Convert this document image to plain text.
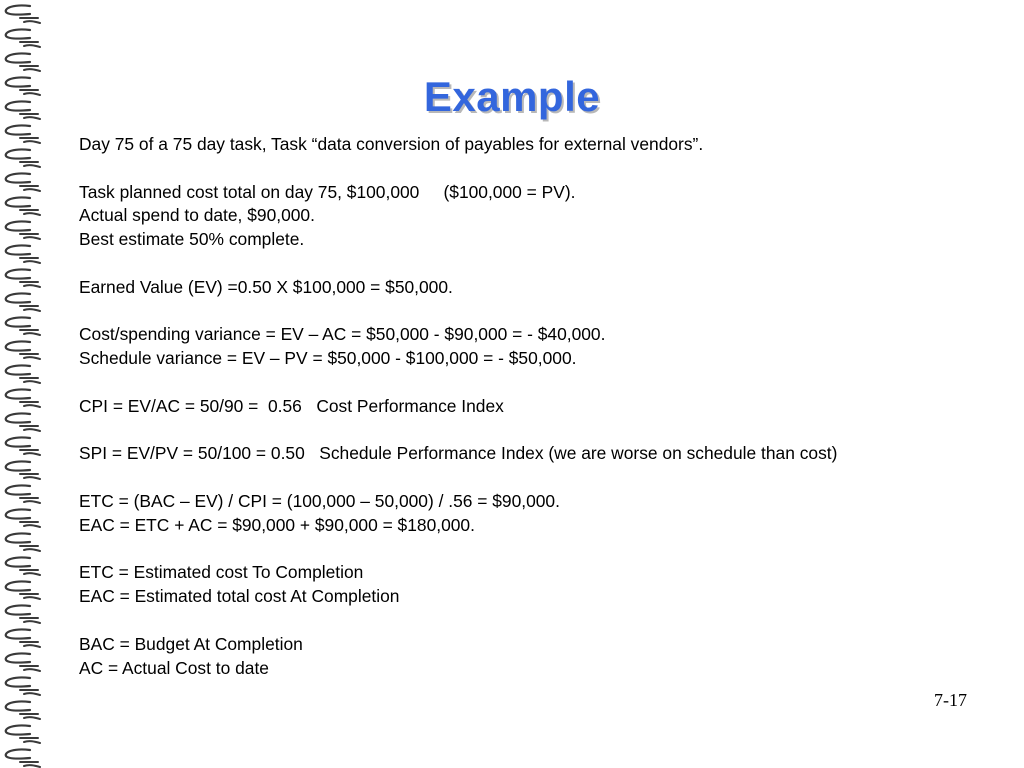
Example
Day 75 of a 75 day task, Task “data conversion of payables for external vendors”.
Task planned cost total on day 75, $100,000     ($100,000 = PV).
Actual spend to date, $90,000.
Best estimate 50% complete.
Earned Value (EV) =0.50 X $100,000 = $50,000.
Cost/spending variance = EV – AC = $50,000 - $90,000 = - $40,000.
Schedule variance = EV – PV = $50,000 - $100,000 = - $50,000.
CPI = EV/AC = 50/90 =  0.56   Cost Performance Index
SPI = EV/PV = 50/100 = 0.50   Schedule Performance Index (we are worse on schedule than cost)
ETC = (BAC – EV) / CPI = (100,000 – 50,000) / .56 = $90,000.
EAC = ETC + AC = $90,000 + $90,000 = $180,000.
ETC = Estimated cost To Completion
EAC = Estimated total cost At Completion
BAC = Budget At Completion
AC = Actual Cost to date
7-17
